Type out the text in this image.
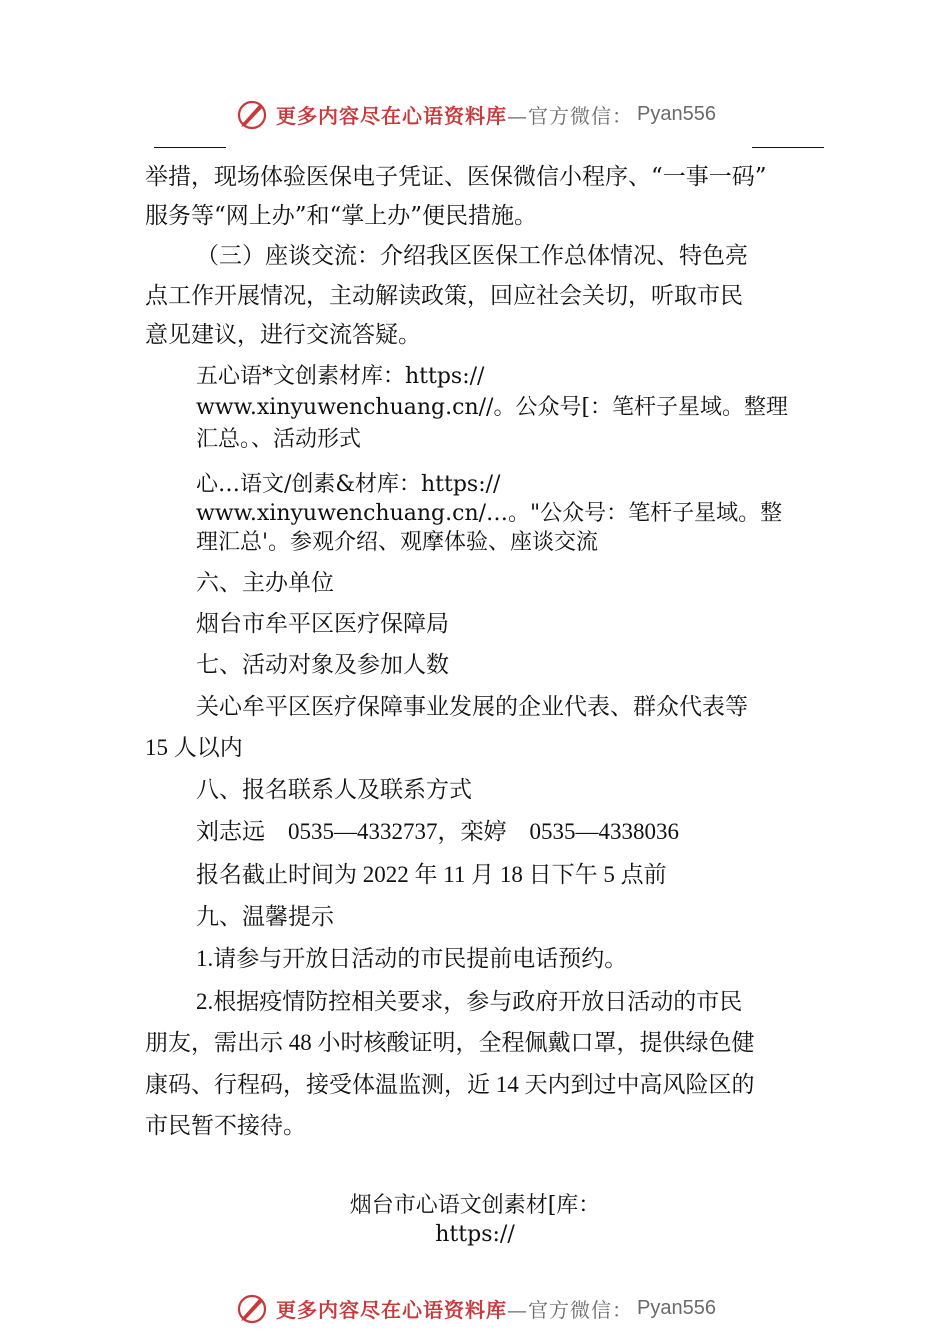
更多内容尽在心语资料库 —官方微信： Pyan556
举措，现场体验医保电子凭证、医保微信小程序、“一事一码”
服务等“网上办”和“掌上办”便民措施。
（三）座谈交流：介绍我区医保工作总体情况、特色亮
点工作开展情况，主动解读政策，回应社会关切，听取市民
意见建议，进行交流答疑。
五心语*文创素材库：https://
www.xinyuwenchuang.cn//。公众号[：笔杆子星域。整理
汇总。、活动形式
心…语文/创素&材库：https://
www.xinyuwenchuang.cn/…。"公众号：笔杆子星域。整
理汇总'。参观介绍、观摩体验、座谈交流
六、主办单位
烟台市牟平区医疗保障局
七、活动对象及参加人数
关心牟平区医疗保障事业发展的企业代表、群众代表等
15 人以内
八、报名联系人及联系方式
刘志远　0535—4332737，栾婷　0535—4338036
报名截止时间为 2022 年 11 月 18 日下午 5 点前
九、温馨提示
1.请参与开放日活动的市民提前电话预约。
2.根据疫情防控相关要求，参与政府开放日活动的市民
朋友，需出示 48 小时核酸证明，全程佩戴口罩，提供绿色健
康码、行程码，接受体温监测，近 14 天内到过中高风险区的
市民暂不接待。
烟台市心语文创素材[库：
https://
更多内容尽在心语资料库 —官方微信： Pyan556
